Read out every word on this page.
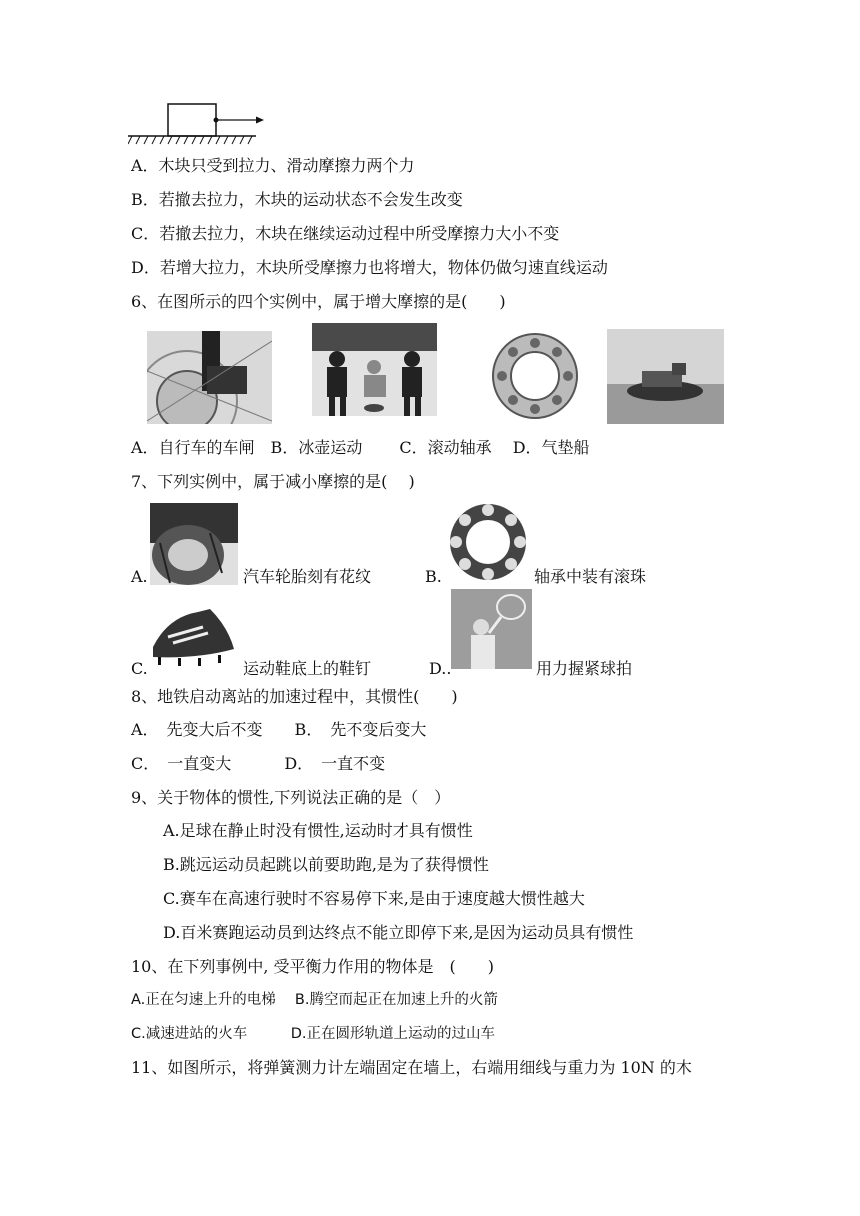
A．木块只受到拉力、滑动摩擦力两个力
B．若撤去拉力，木块的运动状态不会发生改变
C．若撤去拉力，木块在继续运动过程中所受摩擦力大小不变
D．若增大拉力，木块所受摩擦力也将增大，物体仍做匀速直线运动
6、在图所示的四个实例中，属于增大摩擦的是(　　)
A．自行车的车闸　B．冰壶运动　　 C．滚动轴承　 D．气垫船
7、下列实例中，属于减小摩擦的是(　 )
A.	汽车轮胎刻有花纹	B.	轴承中装有滚珠
C.	运动鞋底上的鞋钉	D..	用力握紧球拍
8、地铁启动离站的加速过程中，其惯性(　　)
A．　先变大后不变　　B．　先不变后变大
C．　一直变大　　　 D．　一直不变
9、关于物体的惯性,下列说法正确的是（　）
A.足球在静止时没有惯性,运动时才具有惯性
B.跳远运动员起跳以前要助跑,是为了获得惯性
C.赛车在高速行驶时不容易停下来,是由于速度越大惯性越大
D.百米赛跑运动员到达终点不能立即停下来,是因为运动员具有惯性
10、在下列事例中, 受平衡力作用的物体是　(　　)
A.正在匀速上升的电梯　 B.腾空而起正在加速上升的火箭
C.减速进站的火车　　　D.正在圆形轨道上运动的过山车
11、如图所示，将弹簧测力计左端固定在墙上，右端用细线与重力为 10N 的木
